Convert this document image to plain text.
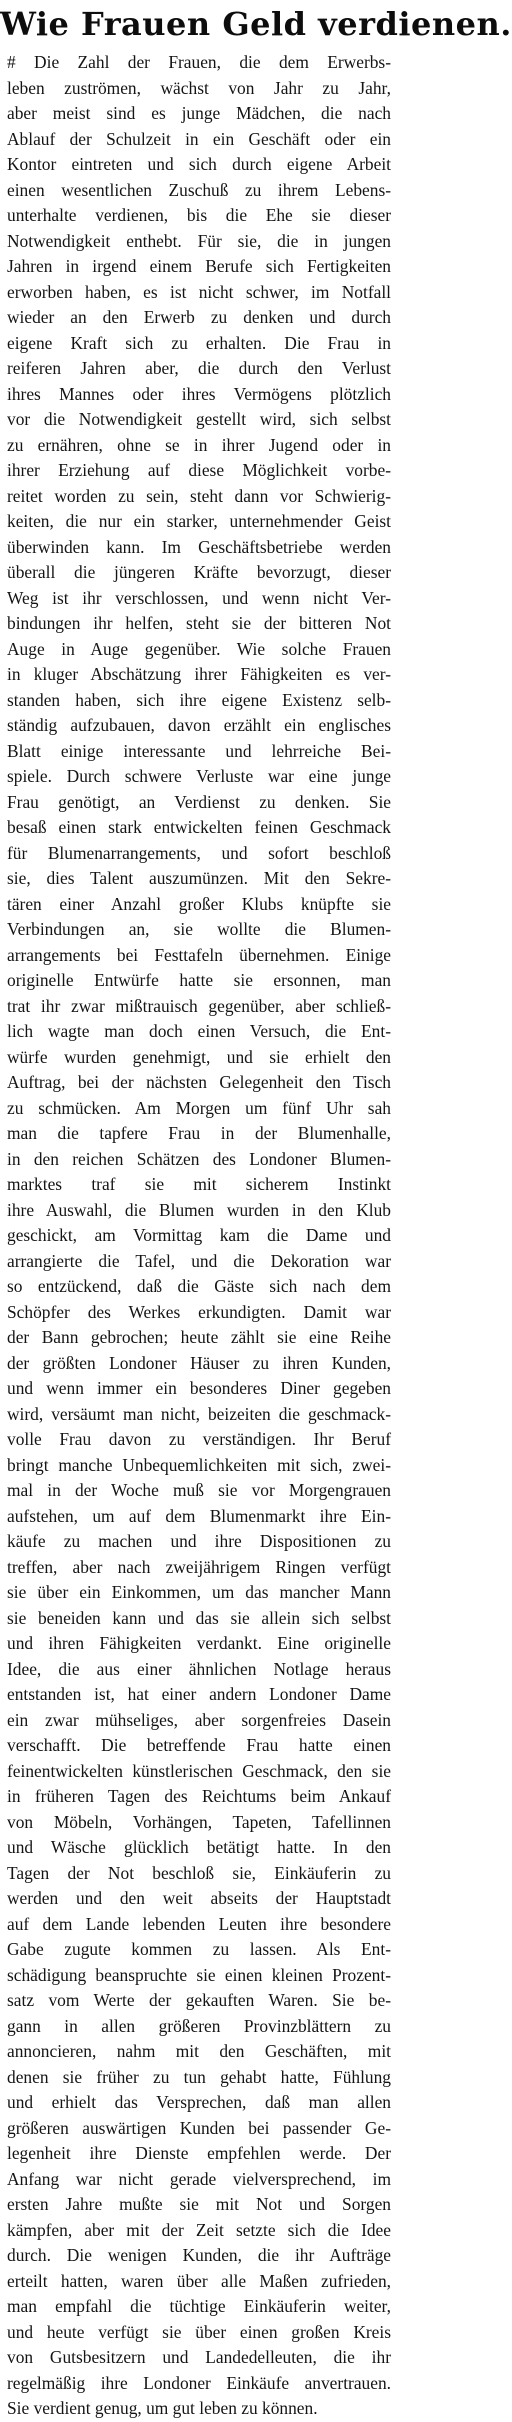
Wie Frauen Geld verdienen.
# Die Zahl der Frauen, die dem Erwerbs-
leben zuströmen, wächst von Jahr zu Jahr,
aber meist sind es junge Mädchen, die nach
Ablauf der Schulzeit in ein Geschäft oder ein
Kontor eintreten und sich durch eigene Arbeit
einen wesentlichen Zuschuß zu ihrem Lebens-
unterhalte verdienen, bis die Ehe sie dieser
Notwendigkeit enthebt. Für sie, die in jungen
Jahren in irgend einem Berufe sich Fertigkeiten
erworben haben, es ist nicht schwer, im Notfall
wieder an den Erwerb zu denken und durch
eigene Kraft sich zu erhalten. Die Frau in
reiferen Jahren aber, die durch den Verlust
ihres Mannes oder ihres Vermögens plötzlich
vor die Notwendigkeit gestellt wird, sich selbst
zu ernähren, ohne se in ihrer Jugend oder in
ihrer Erziehung auf diese Möglichkeit vorbe-
reitet worden zu sein, steht dann vor Schwierig-
keiten, die nur ein starker, unternehmender Geist
überwinden kann. Im Geschäftsbetriebe werden
überall die jüngeren Kräfte bevorzugt, dieser
Weg ist ihr verschlossen, und wenn nicht Ver-
bindungen ihr helfen, steht sie der bitteren Not
Auge in Auge gegenüber. Wie solche Frauen
in kluger Abschätzung ihrer Fähigkeiten es ver-
standen haben, sich ihre eigene Existenz selb-
ständig aufzubauen, davon erzählt ein englisches
Blatt einige interessante und lehrreiche Bei-
spiele. Durch schwere Verluste war eine junge
Frau genötigt, an Verdienst zu denken. Sie
besaß einen stark entwickelten feinen Geschmack
für Blumenarrangements, und sofort beschloß
sie, dies Talent auszumünzen. Mit den Sekre-
tären einer Anzahl großer Klubs knüpfte sie
Verbindungen an, sie wollte die Blumen-
arrangements bei Festtafeln übernehmen. Einige
originelle Entwürfe hatte sie ersonnen, man
trat ihr zwar mißtrauisch gegenüber, aber schließ-
lich wagte man doch einen Versuch, die Ent-
würfe wurden genehmigt, und sie erhielt den
Auftrag, bei der nächsten Gelegenheit den Tisch
zu schmücken. Am Morgen um fünf Uhr sah
man die tapfere Frau in der Blumenhalle,
in den reichen Schätzen des Londoner Blumen-
marktes traf sie mit sicherem Instinkt
ihre Auswahl, die Blumen wurden in den Klub
geschickt, am Vormittag kam die Dame und
arrangierte die Tafel, und die Dekoration war
so entzückend, daß die Gäste sich nach dem
Schöpfer des Werkes erkundigten. Damit war
der Bann gebrochen; heute zählt sie eine Reihe
der größten Londoner Häuser zu ihren Kunden,
und wenn immer ein besonderes Diner gegeben
wird, versäumt man nicht, beizeiten die geschmack-
volle Frau davon zu verständigen. Ihr Beruf
bringt manche Unbequemlichkeiten mit sich, zwei-
mal in der Woche muß sie vor Morgengrauen
aufstehen, um auf dem Blumenmarkt ihre Ein-
käufe zu machen und ihre Dispositionen zu
treffen, aber nach zweijährigem Ringen verfügt
sie über ein Einkommen, um das mancher Mann
sie beneiden kann und das sie allein sich selbst
und ihren Fähigkeiten verdankt. Eine originelle
Idee, die aus einer ähnlichen Notlage heraus
entstanden ist, hat einer andern Londoner Dame
ein zwar mühseliges, aber sorgenfreies Dasein
verschafft. Die betreffende Frau hatte einen
feinentwickelten künstlerischen Geschmack, den sie
in früheren Tagen des Reichtums beim Ankauf
von Möbeln, Vorhängen, Tapeten, Tafellinnen
und Wäsche glücklich betätigt hatte. In den
Tagen der Not beschloß sie, Einkäuferin zu
werden und den weit abseits der Hauptstadt
auf dem Lande lebenden Leuten ihre besondere
Gabe zugute kommen zu lassen. Als Ent-
schädigung beanspruchte sie einen kleinen Prozent-
satz vom Werte der gekauften Waren. Sie be-
gann in allen größeren Provinzblättern zu
annoncieren, nahm mit den Geschäften, mit
denen sie früher zu tun gehabt hatte, Fühlung
und erhielt das Versprechen, daß man allen
größeren auswärtigen Kunden bei passender Ge-
legenheit ihre Dienste empfehlen werde. Der
Anfang war nicht gerade vielversprechend, im
ersten Jahre mußte sie mit Not und Sorgen
kämpfen, aber mit der Zeit setzte sich die Idee
durch. Die wenigen Kunden, die ihr Aufträge
erteilt hatten, waren über alle Maßen zufrieden,
man empfahl die tüchtige Einkäuferin weiter,
und heute verfügt sie über einen großen Kreis
von Gutsbesitzern und Landedelleuten, die ihr
regelmäßig ihre Londoner Einkäufe anvertrauen.
Sie verdient genug, um gut leben zu können.
